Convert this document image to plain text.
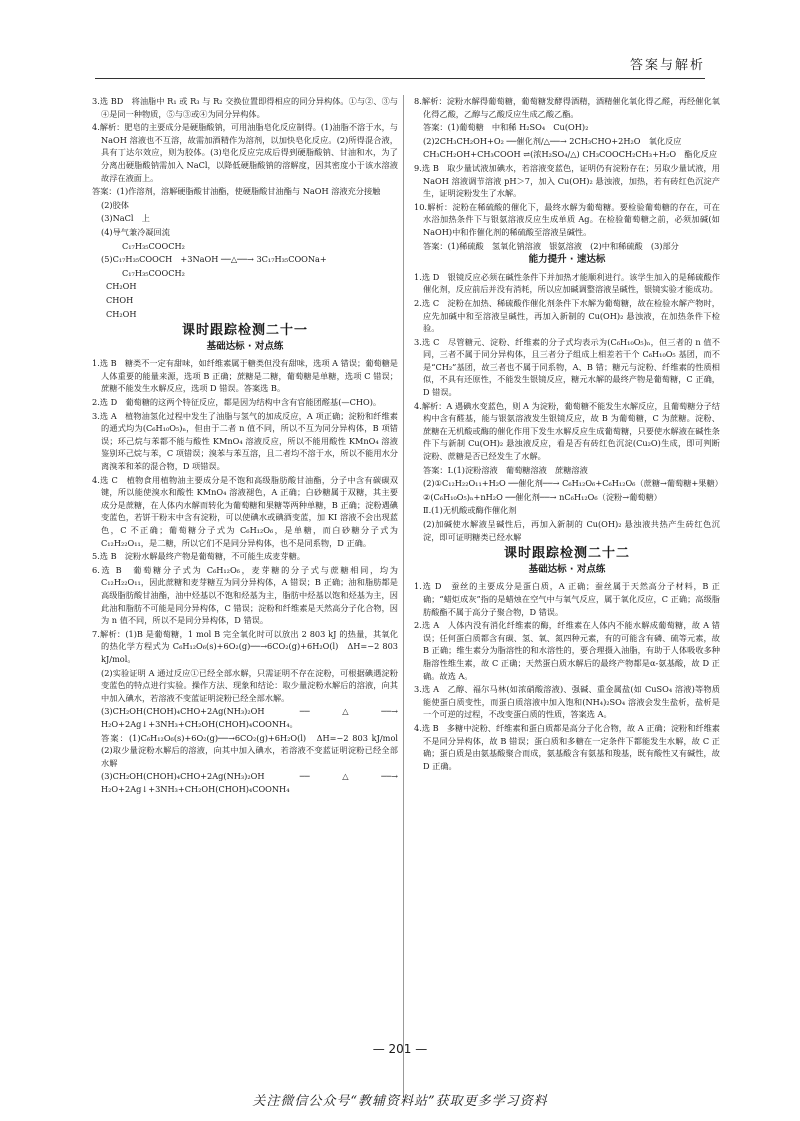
答案与解析

3.选 BD　将油脂中 R₁ 或 R₃ 与 R₂ 交换位置即得相应的同分异构体。①与②、③与④是同一种物质，⑤与③或④为同分异构体。

4.解析：肥皂的主要成分是硬脂酸钠，可用油脂皂化反应制得。(1)油脂不溶于水，与 NaOH 溶液也不互溶，故需加酒精作为溶剂，以加快皂化反应。(2)所得混合液，具有丁达尔效应，则为胶体。(3)皂化反应完成后得到硬脂酸钠、甘油和水，为了分离出硬脂酸钠需加入 NaCl，以降低硬脂酸钠的溶解度，因其密度小于该水溶液故浮在液面上。

答案：(1)作溶剂，溶解硬脂酸甘油酯，使硬脂酸甘油酯与 NaOH 溶液充分接触

(2)胶体

(3)NaCl　上

(4)导气兼冷凝回流

C₁₇H₃₅COOCH₂

(5)C₁₇H₃₅COOCH　+3NaOH ──△──→ 3C₁₇H₃₅COONa+

C₁₇H₃₅COOCH₂

CH₂OH

CHOH

CH₂OH

课时跟踪检测二十一
基础达标 · 对点练

1.选 B　糖类不一定有甜味，如纤维素属于糖类但没有甜味，选项 A 错误；葡萄糖是人体重要的能量来源，选项 B 正确；蔗糖是二糖，葡萄糖是单糖，选项 C 错误；蔗糖不能发生水解反应，选项 D 错误。答案选 B。

2.选 D　葡萄糖的这两个特征反应，都是因为结构中含有官能团醛基(—CHO)。

3.选 A　植物油氢化过程中发生了油脂与氢气的加成反应，A 项正确；淀粉和纤维素的通式均为(C₆H₁₀O₅)ₙ，但由于二者 n 值不同，所以不互为同分异构体，B 项错误；环己烷与苯都不能与酸性 KMnO₄ 溶液反应，所以不能用酸性 KMnO₄ 溶液鉴别环己烷与苯，C 项错误；溴苯与苯互溶，且二者均不溶于水，所以不能用水分离溴苯和苯的混合物，D 项错误。

4.选 C　植物食用植物油主要成分是不饱和高级脂肪酸甘油酯，分子中含有碳碳双键，所以能使溴水和酸性 KMnO₄ 溶液褪色，A 正确；白砂糖属于双糖，其主要成分是蔗糖，在人体内水解而转化为葡萄糖和果糖等两种单糖，B 正确；淀粉遇碘变蓝色，若饼干粉末中含有淀粉，可以使碘水或碘酒变蓝，加 KI 溶液不会出现蓝色，C 不正确；葡萄糖分子式为 C₆H₁₂O₆，是单糖，而白砂糖分子式为 C₁₂H₂₂O₁₁，是二糖，所以它们不是同分异构体，也不是同系物，D 正确。

5.选 B　淀粉水解最终产物是葡萄糖，不可能生成麦芽糖。

6.选 B　葡萄糖分子式为 C₆H₁₂O₆，麦芽糖的分子式与蔗糖相同，均为 C₁₂H₂₂O₁₁，因此蔗糖和麦芽糖互为同分异构体，A 错误；B 正确；油和脂肪都是高级脂肪酸甘油酯，油中烃基以不饱和烃基为主，脂肪中烃基以饱和烃基为主，因此油和脂肪不可能是同分异构体，C 错误；淀粉和纤维素是天然高分子化合物，因为 n 值不同，所以不是同分异构体，D 错误。

7.解析：(1)B 是葡萄糖，1 mol B 完全氧化时可以放出 2 803 kJ 的热量，其氧化的热化学方程式为 C₆H₁₂O₆(s)+6O₂(g)──→6CO₂(g)+6H₂O(l)　ΔH=−2 803 kJ/mol。

(2)实验证明 A 通过反应①已经全部水解，只需证明不存在淀粉，可根据碘遇淀粉变蓝色的特点进行实验。操作方法、现象和结论：取少量淀粉水解后的溶液，向其中加入碘水，若溶液不变蓝证明淀粉已经全部水解。

(3)CH₂OH(CHOH)₄CHO+2Ag(NH₃)₂OH ──△──→ H₂O+2Ag↓+3NH₃+CH₂OH(CHOH)₄COONH₄。

答案：(1)C₆H₁₂O₆(s)+6O₂(g)──→6CO₂(g)+6H₂O(l)　ΔH=−2 803 kJ/mol　(2)取少量淀粉水解后的溶液，向其中加入碘水，若溶液不变蓝证明淀粉已经全部水解

(3)CH₂OH(CHOH)₄CHO+2Ag(NH₃)₂OH ──△──→ H₂O+2Ag↓+3NH₃+CH₂OH(CHOH)₄COONH₄

8.解析：淀粉水解得葡萄糖，葡萄糖发酵得酒精，酒精催化氧化得乙醛，再经催化氧化得乙酸，乙醇与乙酸反应生成乙酸乙酯。

答案：(1)葡萄糖　中和稀 H₂SO₄　Cu(OH)₂

(2)2CH₃CH₂OH+O₂ ──催化剂/△──→ 2CH₃CHO+2H₂O　氧化反应

CH₃CH₂OH+CH₃COOH ⇌(浓H₂SO₄/△) CH₃COOCH₂CH₃+H₂O　酯化反应

9.选 B　取少量试液加碘水，若溶液变蓝色，证明仍有淀粉存在；另取少量试液，用 NaOH 溶液调节溶液 pH＞7，加入 Cu(OH)₂ 悬浊液，加热，若有砖红色沉淀产生，证明淀粉发生了水解。

10.解析：淀粉在稀硫酸的催化下，最终水解为葡萄糖。要检验葡萄糖的存在，可在水浴加热条件下与银氨溶液反应生成单质 Ag。在检验葡萄糖之前，必须加碱(如 NaOH)中和作催化剂的稀硫酸至溶液呈碱性。

答案：(1)稀硫酸　氢氧化钠溶液　银氨溶液　(2)中和稀硫酸　(3)部分

能力提升 · 速达标

1.选 D　银镜反应必须在碱性条件下并加热才能顺利进行。该学生加入的是稀硫酸作催化剂，反应前后并没有消耗，所以应加碱调整溶液呈碱性，银镜实验才能成功。

2.选 C　淀粉在加热、稀硫酸作催化剂条件下水解为葡萄糖，故在检验水解产物时，应先加碱中和至溶液呈碱性，再加入新制的 Cu(OH)₂ 悬浊液，在加热条件下检验。

3.选 C　尽管糖元、淀粉、纤维素的分子式均表示为(C₆H₁₀O₅)ₙ，但三者的 n 值不同，三者不属于同分异构体，且三者分子组成上相差若干个 C₆H₁₀O₅ 基团，而不是“CH₂”基团，故三者也不属于同系物，A、B 错；糖元与淀粉、纤维素的性质相似，不具有还原性，不能发生银镜反应，糖元水解的最终产物是葡萄糖，C 正确，D 错误。

4.解析：A 遇碘水变蓝色，则 A 为淀粉，葡萄糖不能发生水解反应，且葡萄糖分子结构中含有醛基，能与银氨溶液发生银镜反应，故 B 为葡萄糖，C 为蔗糖。淀粉、蔗糖在无机酸或酶的催化作用下发生水解反应生成葡萄糖，只要使水解液在碱性条件下与新制 Cu(OH)₂ 悬浊液反应，看是否有砖红色沉淀(Cu₂O)生成，即可判断淀粉、蔗糖是否已经发生了水解。

答案：Ⅰ.(1)淀粉溶液　葡萄糖溶液　蔗糖溶液

(2)①C₁₂H₂₂O₁₁+H₂O ──催化剂──→ C₆H₁₂O₆+C₆H₁₂O₆（蔗糖→葡萄糖+果糖）

②(C₆H₁₀O₅)ₙ+nH₂O ──催化剂──→ nC₆H₁₂O₆（淀粉→葡萄糖）

Ⅱ.(1)无机酸或酶作催化剂

(2)加碱使水解液呈碱性后，再加入新制的 Cu(OH)₂ 悬浊液共热产生砖红色沉淀，即可证明糖类已经水解

课时跟踪检测二十二
基础达标 · 对点练

1.选 D　蚕丝的主要成分是蛋白质，A 正确；蚕丝属于天然高分子材料，B 正确；“蜡炬成灰”指的是蜡烛在空气中与氧气反应，属于氧化反应，C 正确；高级脂肪酸酯不属于高分子聚合物，D 错误。

2.选 A　人体内没有消化纤维素的酶，纤维素在人体内不能水解成葡萄糖，故 A 错误；任何蛋白质都含有碳、氢、氧、氮四种元素，有的可能含有磷、硫等元素，故 B 正确；维生素分为脂溶性的和水溶性的，要合理摄入油脂，有助于人体吸收多种脂溶性维生素，故 C 正确；天然蛋白质水解后的最终产物都是α-氨基酸，故 D 正确。故选 A。

3.选 A　乙醇、福尔马林(如浓硝酸溶液)、强碱、重金属盐(如 CuSO₄ 溶液)等物质能使蛋白质变性，而蛋白质溶液中加入饱和(NH₄)₂SO₄ 溶液会发生盐析，盐析是一个可逆的过程，不改变蛋白质的性质，答案选 A。

4.选 B　多糖中淀粉、纤维素和蛋白质都是高分子化合物，故 A 正确；淀粉和纤维素不是同分异构体，故 B 错误；蛋白质和多糖在一定条件下都能发生水解，故 C 正确；蛋白质是由氨基酸聚合而成，氨基酸含有氨基和羧基，既有酸性又有碱性，故 D 正确。

— 201 —
关注微信公众号“教辅资料站”获取更多学习资料
